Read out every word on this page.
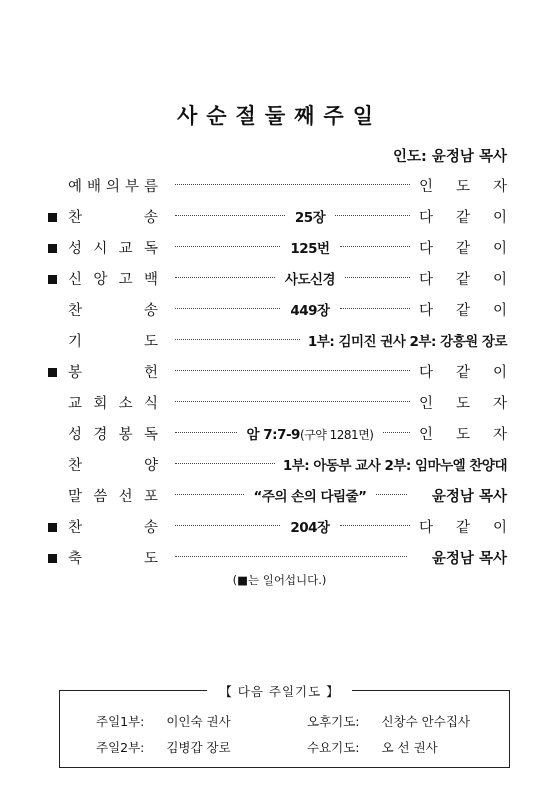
사순절둘째주일
인도: 윤정남 목사
예 배 의 부 름	인 도 자
찬	송	25장	다 같 이
성 시 교 독	125번	다 같 이
신 앙 고 백	사도신경	다 같 이
찬	송	449장	다 같 이
기	도	1부: 김미진 권사 2부: 강흥원 장로
봉	헌	다 같 이
교 회 소 식	인 도 자
성 경 봉 독	암 7:7-9(구약 1281면)	인 도 자
찬	양	1부: 아동부 교사 2부: 임마누엘 찬양대
말 씀 선 포	“주의 손의 다림줄”	윤정남 목사
찬	송	204장	다 같 이
축	도	윤정남 목사
(■는 일어섭니다.)
【 다음 주일기도 】
주일1부: 이인숙 권사	오후기도: 신창수 안수집사
주일2부: 김병갑 장로	수요기도: 오 선 권사
